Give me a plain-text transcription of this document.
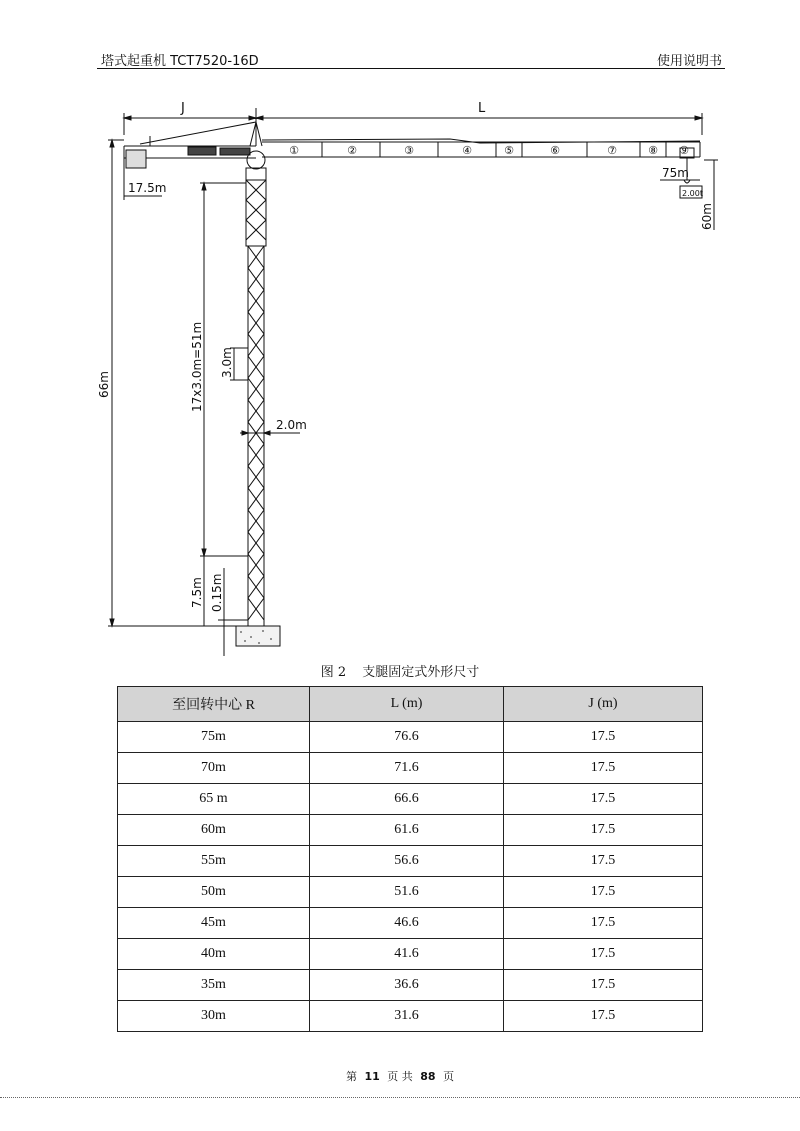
塔式起重机 TCT7520-16D	使用说明书
J	L
①	②	③	④	⑤	⑥	⑦	⑧ ⑨
17.5m
75m
2.00t
60m
66m	17x3.0m=51m 3.0m
2.0m
7.5m 0.15m
图 2 支腿固定式外形尺寸
至回转中心 R	L (m)	J (m)
75m	76.6	17.5
70m	71.6	17.5
65 m	66.6	17.5
60m	61.6	17.5
55m	56.6	17.5
50m	51.6	17.5
45m	46.6	17.5
40m	41.6	17.5
35m	36.6	17.5
30m	31.6	17.5
第 11 页 共 88 页
